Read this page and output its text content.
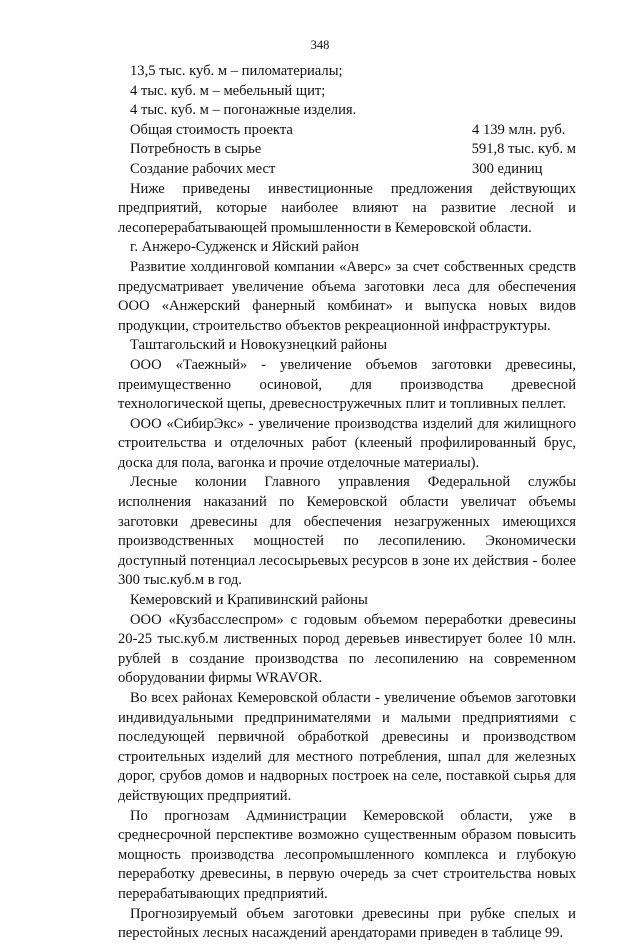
348
13,5 тыс. куб. м – пиломатериалы;
4 тыс. куб. м – мебельный щит;
4 тыс. куб. м – погонажные изделия.
Общая стоимость проекта	4 139 млн. руб.
Потребность в сырье	591,8 тыс. куб. м
Создание рабочих мест	300 единиц

Ниже приведены инвестиционные предложения действующих предприятий, которые наиболее влияют на развитие лесной и лесоперерабатывающей промышленности в Кемеровской области.

г. Анжеро-Судженск и Яйский район

Развитие холдинговой компании «Аверс» за счет собственных средств предусматривает увеличение объема заготовки леса для обеспечения ООО «Анжерский фанерный комбинат» и выпуска новых видов продукции, строительство объектов рекреационной инфраструктуры.

Таштагольский и Новокузнецкий районы

ООО «Таежный» - увеличение объемов заготовки древесины, преимущественно осиновой, для производства древесной технологической щепы, древесностружечных плит и топливных пеллет.

ООО «СибирЭкс» - увеличение производства изделий для жилищного строительства и отделочных работ (клееный профилированный брус, доска для пола, вагонка и прочие отделочные материалы).

Лесные колонии Главного управления Федеральной службы исполнения наказаний по Кемеровской области увеличат объемы заготовки древесины для обеспечения незагруженных имеющихся производственных мощностей по лесопилению. Экономически доступный потенциал лесосырьевых ресурсов в зоне их действия - более 300 тыс.куб.м в год.

Кемеровский и Крапивинский районы

ООО «Кузбасслеспром» с годовым объемом переработки древесины 20-25 тыс.куб.м лиственных пород деревьев инвестирует более 10 млн. рублей в создание производства по лесопилению на современном оборудовании фирмы WRAVOR.

Во всех районах Кемеровской области - увеличение объемов заготовки индивидуальными предпринимателями и малыми предприятиями с последующей первичной обработкой древесины и производством строительных изделий для местного потребления, шпал для железных дорог, срубов домов и надворных построек на селе, поставкой сырья для действующих предприятий.

По прогнозам Администрации Кемеровской области, уже в среднесрочной перспективе возможно существенным образом повысить мощность производства лесопромышленного комплекса и глубокую переработку древесины, в первую очередь за счет строительства новых перерабатывающих предприятий.

Прогнозируемый объем заготовки древесины при рубке спелых и перестойных лесных насаждений арендаторами приведен в таблице 99.
